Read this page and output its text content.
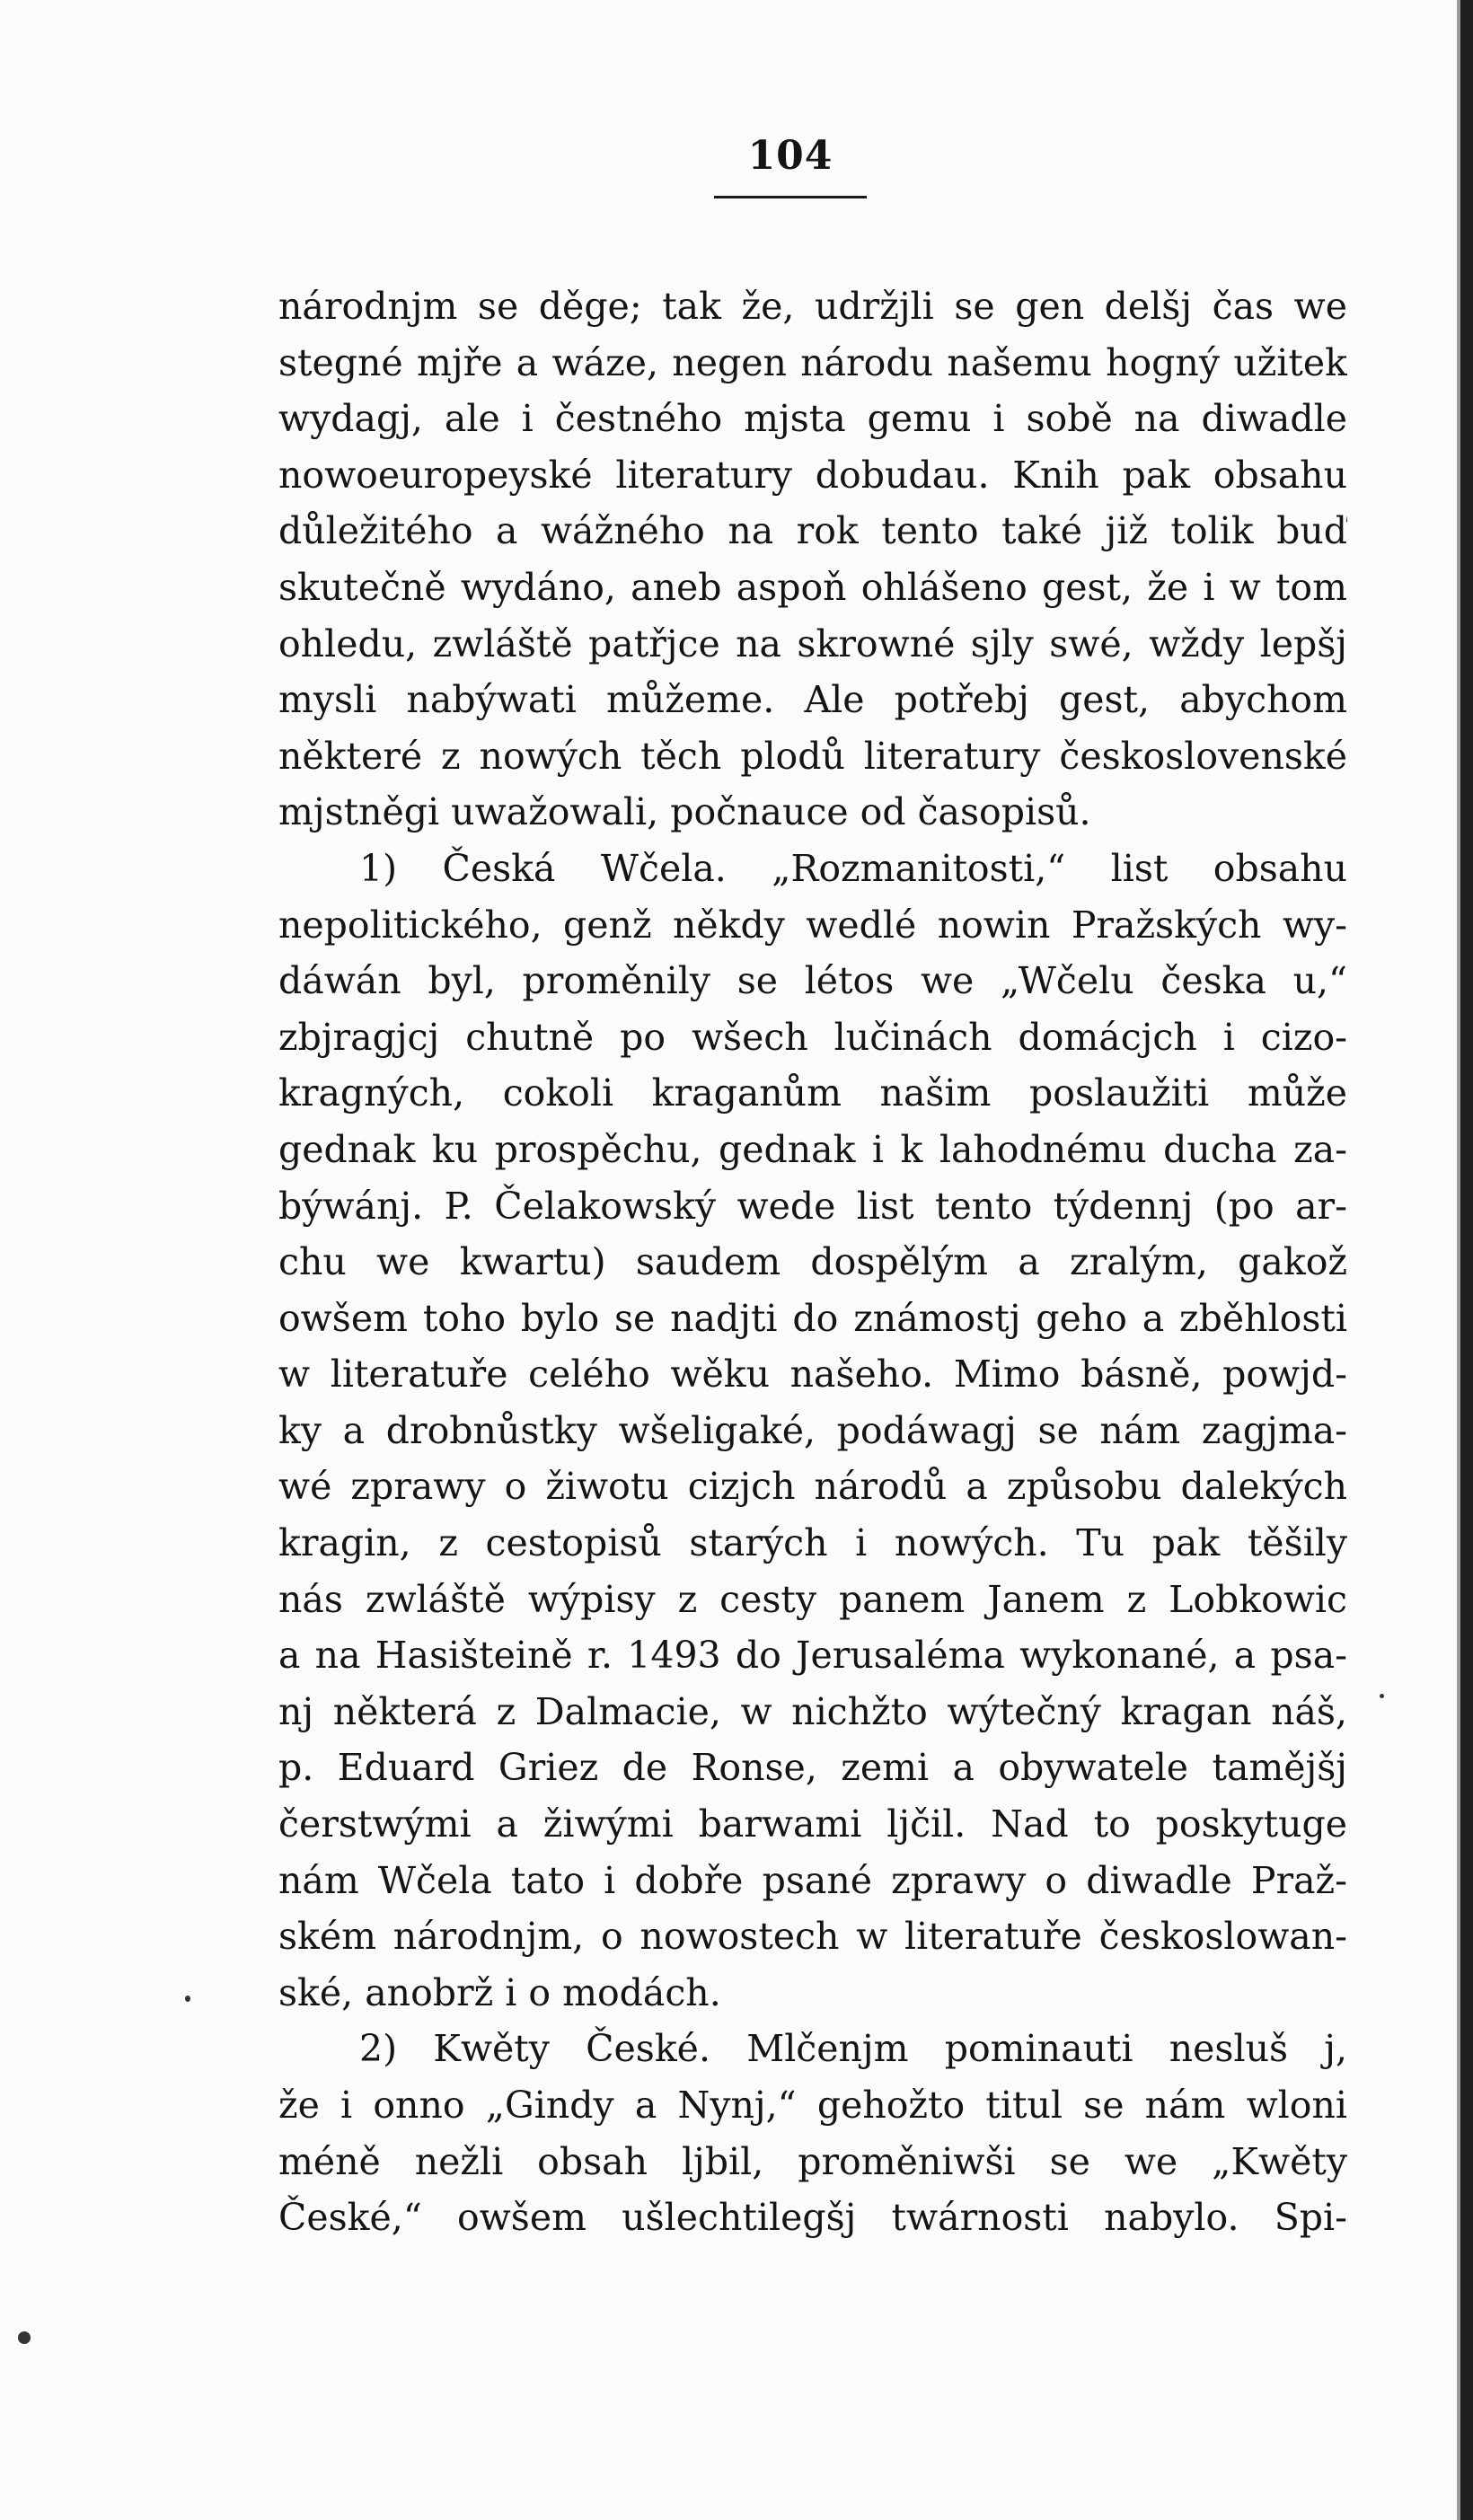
104
národnjm se děge; tak že, udržjli se gen delšj čas we
stegné mjře a wáze, negen národu našemu hogný užitek
wydagj, ale i čestného mjsta gemu i sobě na diwadle
nowoeuropeyské literatury dobudau. Knih pak obsahu
důležitého a wážného na rok tento také již tolik buď
skutečně wydáno, aneb aspoň ohlášeno gest, že i w tom
ohledu, zwláště patřjce na skrowné sjly swé, wždy lepšj
mysli nabýwati můžeme. Ale potřebj gest, abychom
některé z nowých těch plodů literatury československé
mjstněgi uwažowali, počnauce od časopisů.
1) Česká Wčela. „Rozmanitosti,“ list obsahu
nepolitického, genž někdy wedlé nowin Pražských wy-
dáwán byl, proměnily se létos we „Wčelu česka u,“
zbjragjcj chutně po wšech lučinách domácjch i cizo-
kragných, cokoli kraganům našim poslaužiti může
gednak ku prospěchu, gednak i k lahodnému ducha za-
býwánj. P. Čelakowský wede list tento týdennj (po ar-
chu we kwartu) saudem dospělým a zralým, gakož
owšem toho bylo se nadjti do známostj geho a zběhlosti
w literatuře celého wěku našeho. Mimo básně, powjd-
ky a drobnůstky wšeligaké, podáwagj se nám zagjma-
wé zprawy o žiwotu cizjch národů a způsobu dalekých
kragin, z cestopisů starých i nowých. Tu pak těšily
nás zwláště wýpisy z cesty panem Janem z Lobkowic
a na Hasišteině r. 1493 do Jerusaléma wykonané, a psa-
nj některá z Dalmacie, w nichžto wýtečný kragan náš,
p. Eduard Griez de Ronse, zemi a obywatele tamějšj
čerstwými a žiwými barwami ljčil. Nad to poskytuge
nám Wčela tato i dobře psané zprawy o diwadle Praž-
ském národnjm, o nowostech w literatuře českoslowan-
ské, anobrž i o modách.
2) Kwěty České. Mlčenjm pominauti nesluš j,
že i onno „Gindy a Nynj,“ gehožto titul se nám wloni
méně nežli obsah ljbil, proměniwši se we „Kwěty
České,“ owšem ušlechtilegšj twárnosti nabylo. Spi-
